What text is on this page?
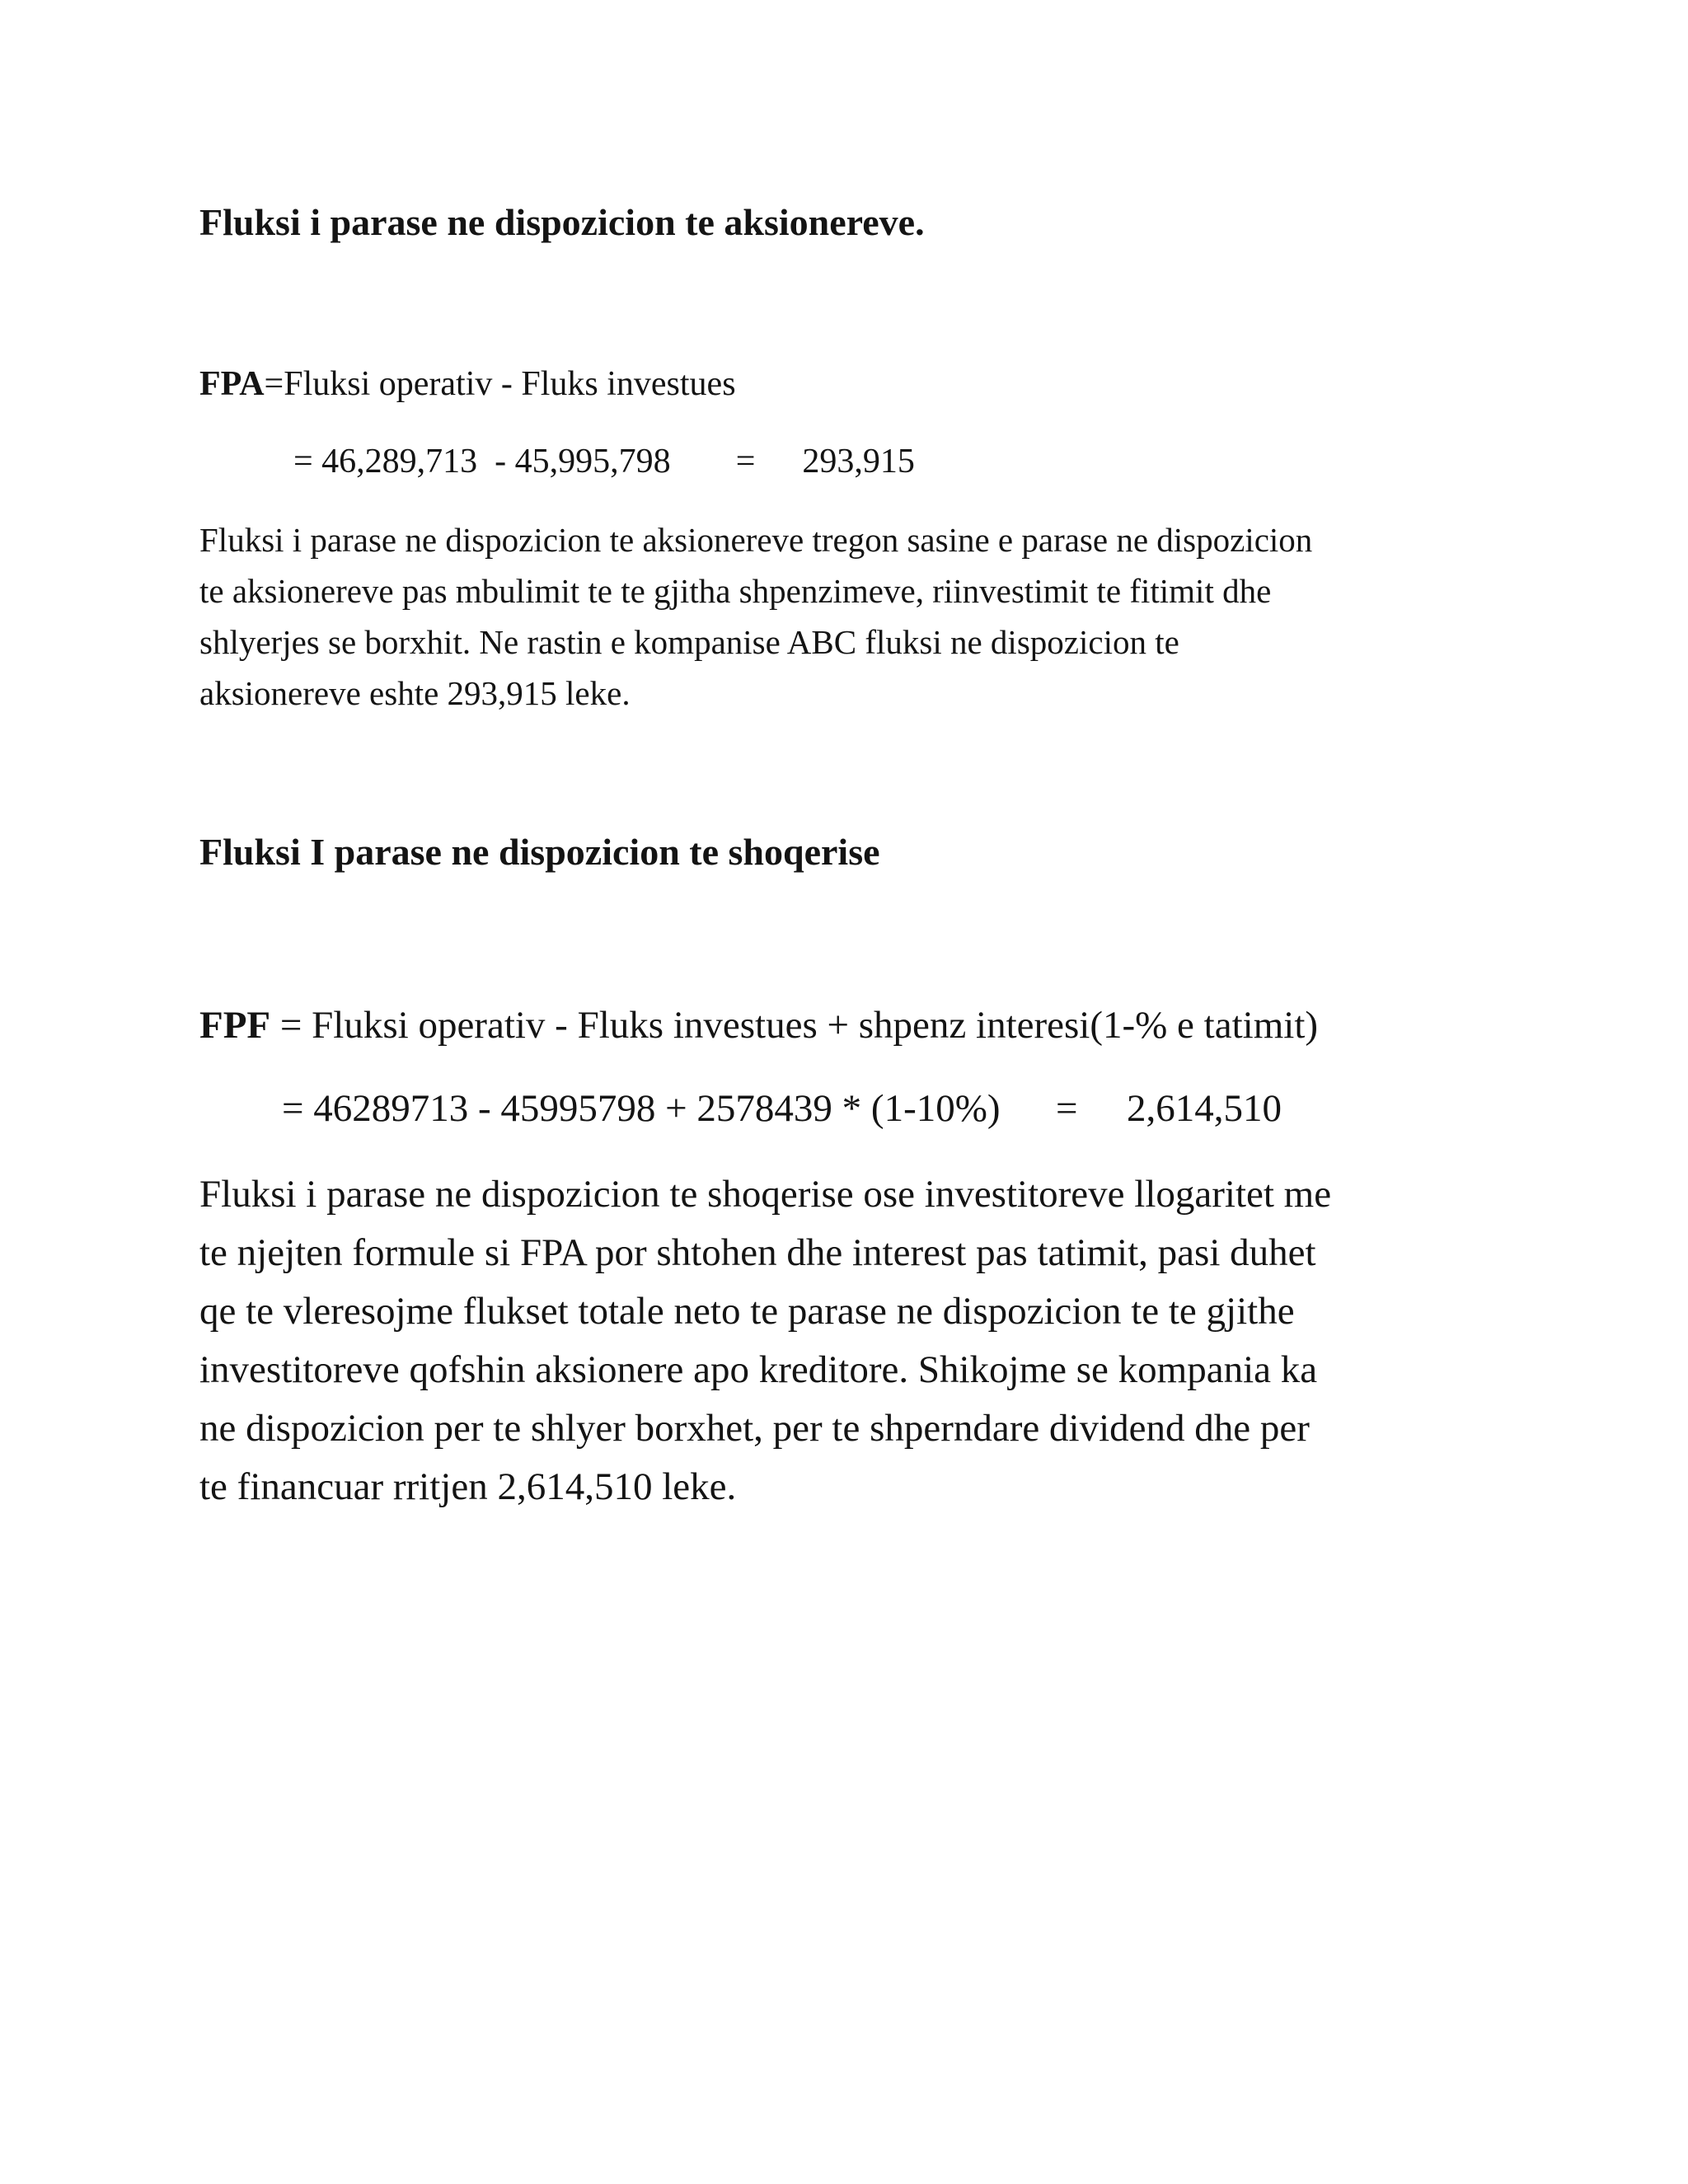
Fluksi i parase ne dispozicion te aksionereve.
FPA=Fluksi operativ - Fluks investues
= 46,289,713  - 45,995,798 = 293,915
Fluksi i parase ne dispozicion te aksionereve tregon sasine e parase ne dispozicion
te aksionereve pas mbulimit te te gjitha shpenzimeve, riinvestimit te fitimit dhe
shlyerjes se borxhit. Ne rastin e kompanise ABC fluksi ne dispozicion te
aksionereve eshte 293,915 leke.
Fluksi I parase ne dispozicion te shoqerise
FPF = Fluksi operativ - Fluks investues + shpenz interesi(1-% e tatimit)
= 46289713 - 45995798 + 2578439 * (1-10%) = 2,614,510
Fluksi i parase ne dispozicion te shoqerise ose investitoreve llogaritet me
te njejten formule si FPA por shtohen dhe interest pas tatimit, pasi duhet
qe te vleresojme flukset totale neto te parase ne dispozicion te te gjithe
investitoreve qofshin aksionere apo kreditore. Shikojme se kompania ka
ne dispozicion per te shlyer borxhet, per te shperndare dividend dhe per
te financuar rritjen 2,614,510 leke.
